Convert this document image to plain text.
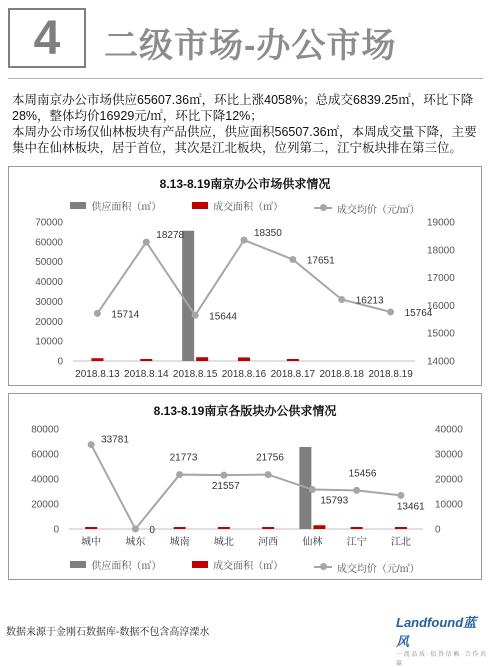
4	二级市场-办公市场
本周南京办公市场供应65607.36㎡，环比上涨4058%；总成交6839.25㎡，环比下降28%，整体均价16929元/㎡，环比下降12%；
本周办公市场仅仙林板块有产品供应，供应面积56507.36㎡，本周成交量下降，主要集中在仙林板块，居于首位，其次是江北板块，位列第二，江宁板块排在第三位。
8.13-8.19南京办公市场供求情况
供应面积（㎡）
	成交面积（㎡）
	成交均价（元/㎡）
0
10000
20000
30000
40000
50000
60000
70000
14000
15000
16000
17000
18000
19000
2018.8.13 2018.8.14 2018.8.15 2018.8.16 2018.8.17 2018.8.18 2018.8.19
15714
18278
15644
18350
17651
16213
15764
8.13-8.19南京各版块办公供求情况
供应面积（㎡）
	成交面积（㎡）
	成交均价（元/㎡）
0
20000
40000
60000
80000
0
10000
20000
30000
40000
城中 城东 城南 城北 河西 仙林 江宁 江北
33781
0
21773
21557
21756
15793
15456
13461
数据来源于金刚石数据库-数据不包含高淳溧水
Landfound蓝风
一 流 品 质 · 值 得 信 赖 · 合 作 共 赢
